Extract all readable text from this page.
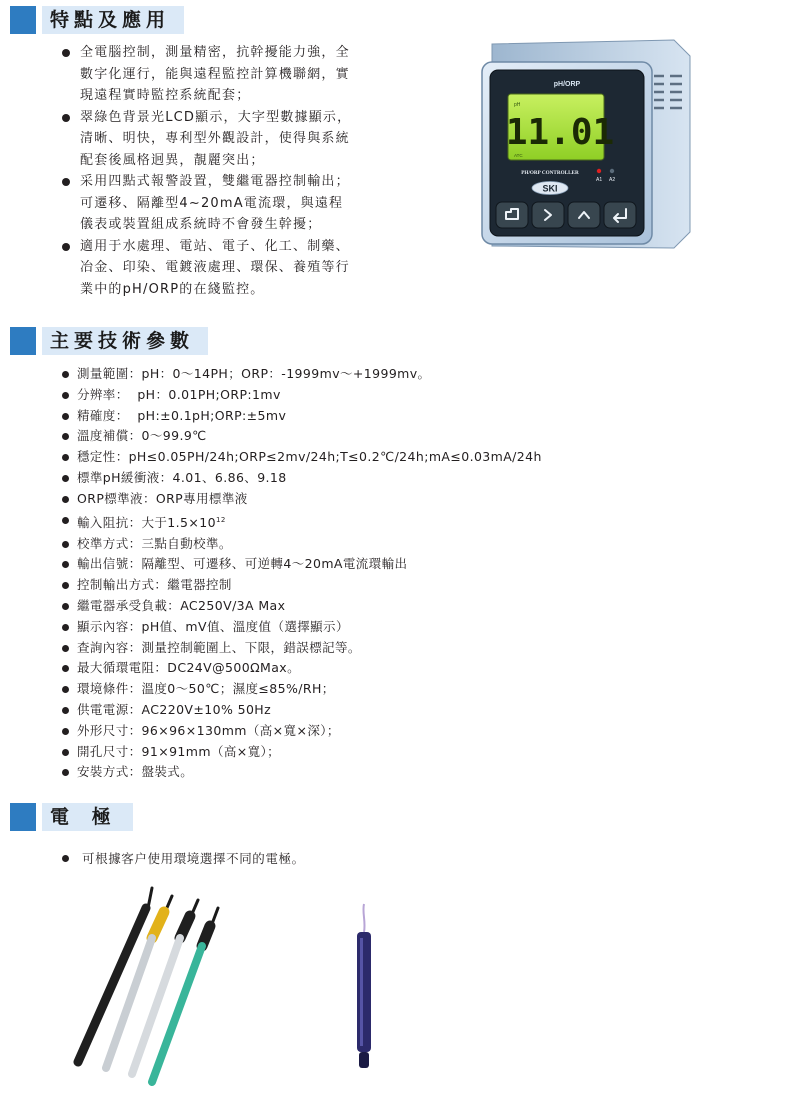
特點及應用
全電腦控制，測量精密，抗幹擾能力強，全數字化運行，能與遠程監控計算機聯網，實現遠程實時監控系統配套；
翠綠色背景光LCD顯示，大字型數據顯示，清晰、明快，專利型外觀設計，使得與系統配套後風格迥異，靚麗突出；
采用四點式報警設置，雙繼電器控制輸出；可遷移、隔離型4~20mA電流環，與遠程儀表或裝置組成系統時不會發生幹擾；
適用于水處理、電站、電子、化工、制藥、冶金、印染、電鍍液處理、環保、養殖等行業中的pH/ORP的在綫監控。
pH/ORP
pH
11.01
ATC
PH/ORP CONTROLLER
A1 A2
SKI
主要技術參數
測量範圍：pH：0～14PH；ORP：-1999mv～+1999mv。
分辨率：  pH：0.01PH;ORP:1mv
精確度：  pH:±0.1pH;ORP:±5mv
溫度補償：0～99.9℃
穩定性：pH≤0.05PH/24h;ORP≤2mv/24h;T≤0.2℃/24h;mA≤0.03mA/24h
標準pH緩衝液：4.01、6.86、9.18
ORP標準液：ORP專用標準液
輸入阻抗：大于$1.5\times 10^{12}$
校準方式：三點自動校準。
輸出信號：隔離型、可遷移、可逆轉4～20mA電流環輸出
控制輸出方式：繼電器控制
繼電器承受負載：AC250V/3A Max
顯示內容：pH值、mV值、溫度值（選擇顯示）
查詢內容：測量控制範圍上、下限，錯誤標記等。
最大循環電阻：DC24V@500ΩMax。
環境條件：溫度0～50℃；濕度≤85%/RH；
供電電源：AC220V±10% 50Hz
外形尺寸：96×96×130mm（高×寬×深）；
開孔尺寸：91×91mm（高×寬）；
安裝方式：盤裝式。
電 極
可根據客户使用環境選擇不同的電極。
